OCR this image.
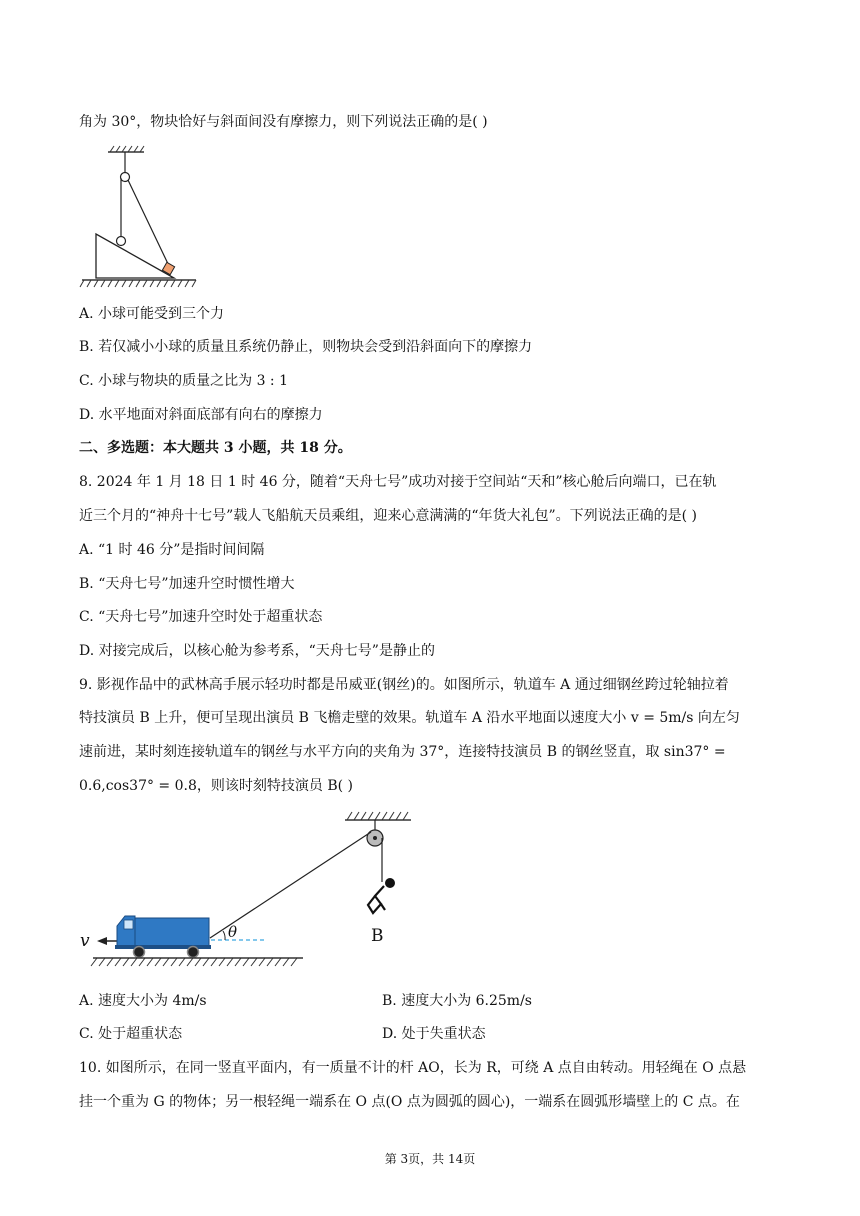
角为 30°，物块恰好与斜面间没有摩擦力，则下列说法正确的是( )
A. 小球可能受到三个力
B. 若仅减小小球的质量且系统仍静止，则物块会受到沿斜面向下的摩擦力
C. 小球与物块的质量之比为 3 : 1
D. 水平地面对斜面底部有向右的摩擦力
二、多选题：本大题共 3 小题，共 18 分。
8. 2024 年 1 月 18 日 1 时 46 分，随着“天舟七号”成功对接于空间站“天和”核心舱后向端口，已在轨
近三个月的“神舟十七号”载人飞船航天员乘组，迎来心意满满的“年货大礼包”。下列说法正确的是( )
A. “1 时 46 分”是指时间间隔
B. “天舟七号”加速升空时惯性增大
C. “天舟七号”加速升空时处于超重状态
D. 对接完成后，以核心舱为参考系，“天舟七号”是静止的
9. 影视作品中的武林高手展示轻功时都是吊威亚(钢丝)的。如图所示，轨道车 A 通过细钢丝跨过轮轴拉着
特技演员 B 上升，便可呈现出演员 B 飞檐走壁的效果。轨道车 A 沿水平地面以速度大小 v = 5m/s 向左匀
速前进，某时刻连接轨道车的钢丝与水平方向的夹角为 37°，连接特技演员 B 的钢丝竖直，取 sin37° =
0.6,cos37° = 0.8，则该时刻特技演员 B( )
B
v	θ
A. 速度大小为 4m/s	B. 速度大小为 6.25m/s
C. 处于超重状态	D. 处于失重状态
10. 如图所示，在同一竖直平面内，有一质量不计的杆 AO，长为 R，可绕 A 点自由转动。用轻绳在 O 点悬
挂一个重为 G 的物体；另一根轻绳一端系在 O 点(O 点为圆弧的圆心)，一端系在圆弧形墙壁上的 C 点。在
第 3页，共 14页
